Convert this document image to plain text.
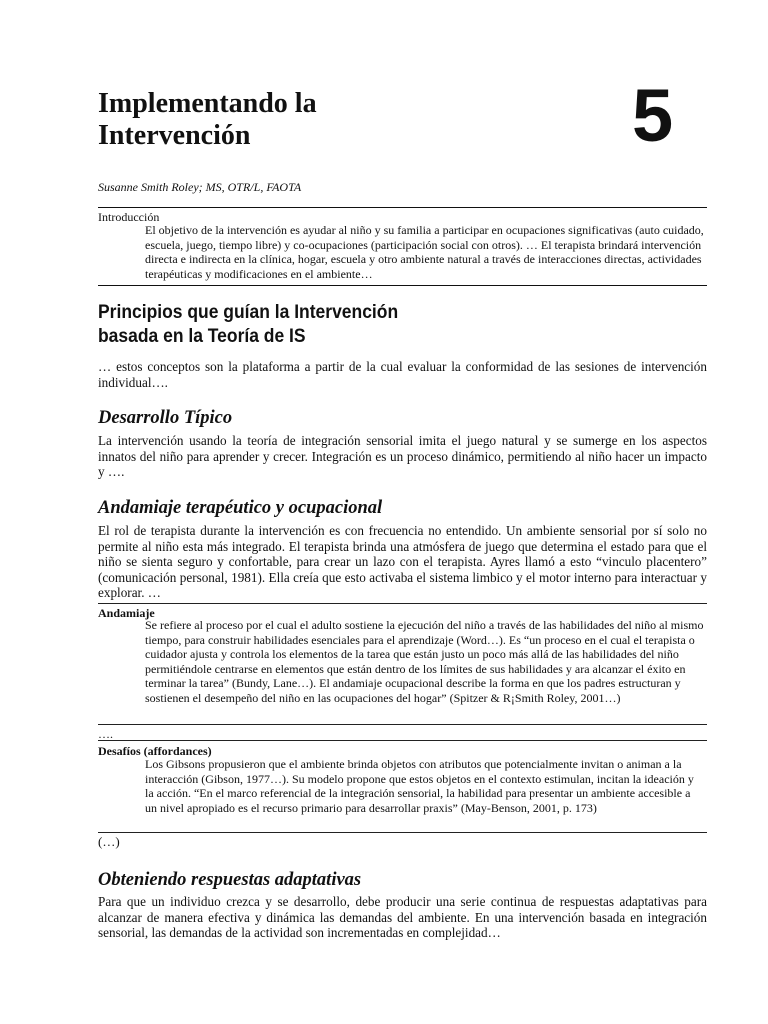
Implementando la
Intervención	5

Susanne Smith Roley; MS, OTR/L, FAOTA

Introducción

El objetivo de la intervención es ayudar al niño y su familia a participar en ocupaciones significativas (auto cuidado, escuela, juego, tiempo libre) y co-ocupaciones (participación social con otros). … El terapista brindará intervención directa e indirecta en la clínica, hogar, escuela y otro ambiente natural a través de interacciones directas, actividades terapéuticas y modificaciones en el ambiente…

Principios que guían la Intervención
basada en la Teoría de IS

… estos conceptos son la plataforma a partir de la cual evaluar la conformidad de las sesiones de intervención individual….

Desarrollo Típico

La intervención usando la teoría de integración sensorial imita el juego natural y se sumerge en los aspectos innatos del niño para aprender y crecer. Integración es un proceso dinámico, permitiendo al niño hacer un impacto y ….

Andamiaje terapéutico y ocupacional

El rol de terapista durante la intervención es con frecuencia no entendido. Un ambiente sensorial por sí solo no permite al niño esta más integrado. El terapista brinda una atmósfera de juego que determina el estado para que el niño se sienta seguro y confortable, para crear un lazo con el terapista. Ayres llamó a esto “vinculo placentero” (comunicación personal, 1981). Ella creía que esto activaba el sistema limbico y el motor interno para interactuar y explorar. …

Andamiaje

Se refiere al proceso por el cual el adulto sostiene la ejecución del niño a través de las habilidades del niño al mismo tiempo, para construir habilidades esenciales para el aprendizaje (Word…). Es “un proceso en el cual el terapista o cuidador ajusta y controla los elementos de la tarea que están justo un poco más allá de las habilidades del niño permitiéndole centrarse en elementos que están dentro de los límites de sus habilidades y ara alcanzar el éxito en terminar la tarea” (Bundy, Lane…). El andamiaje ocupacional describe la forma en que los padres estructuran y sostienen el desempeño del niño en las ocupaciones del hogar” (Spitzer & R¡Smith Roley, 2001…)

….

Desafíos (affordances)

Los Gibsons propusieron que el ambiente brinda objetos con atributos que potencialmente invitan o animan a la interacción (Gibson, 1977…). Su modelo propone que estos objetos en el contexto estimulan, incitan la ideación y la acción. “En el marco referencial de la integración sensorial, la habilidad para presentar un ambiente accesible a un nivel apropiado es el recurso primario para desarrollar praxis” (May-Benson, 2001, p. 173)

(…)

Obteniendo respuestas adaptativas

Para que un individuo crezca y se desarrollo, debe producir una serie continua de respuestas adaptativas para alcanzar de manera efectiva y dinámica las demandas del ambiente. En una intervención basada en integración sensorial, las demandas de la actividad son incrementadas en complejidad…
